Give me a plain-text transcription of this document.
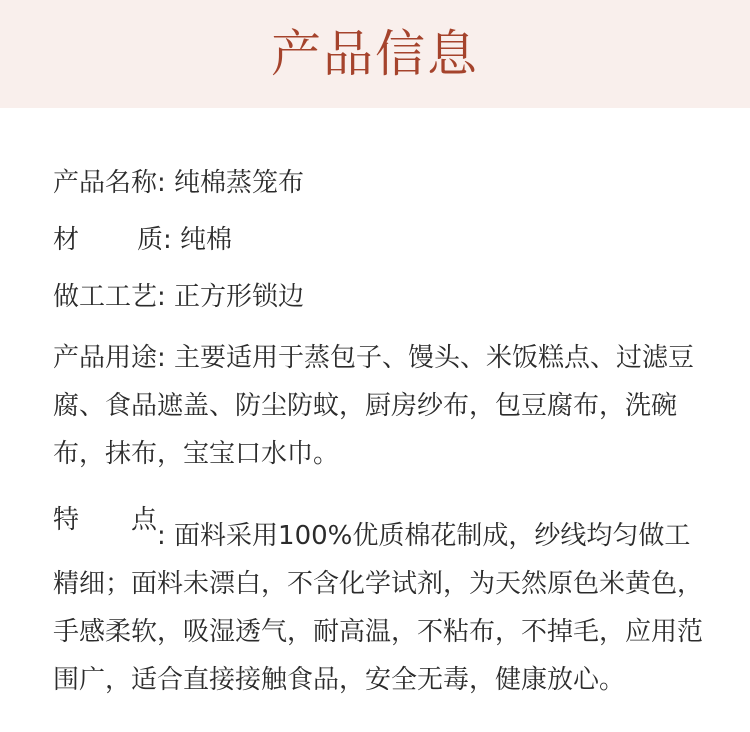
产品信息
产品名称 :
纯棉蒸笼布
材 质 :
纯棉
做工工艺 :
正方形锁边
产品用途: 主要适用于蒸包子、馒头、米饭糕点、过滤豆腐、食品遮盖、防尘防蚊，厨房纱布，包豆腐布，洗碗布，抹布，宝宝口水巾。
特 点
: 面料采用100%优质棉花制成，纱线均匀做工精细；面料未漂白，不含化学试剂，为天然原色米黄色，手感柔软，吸湿透气，耐高温，不粘布，不掉毛，应用范围广，适合直接接触食品，安全无毒，健康放心。
